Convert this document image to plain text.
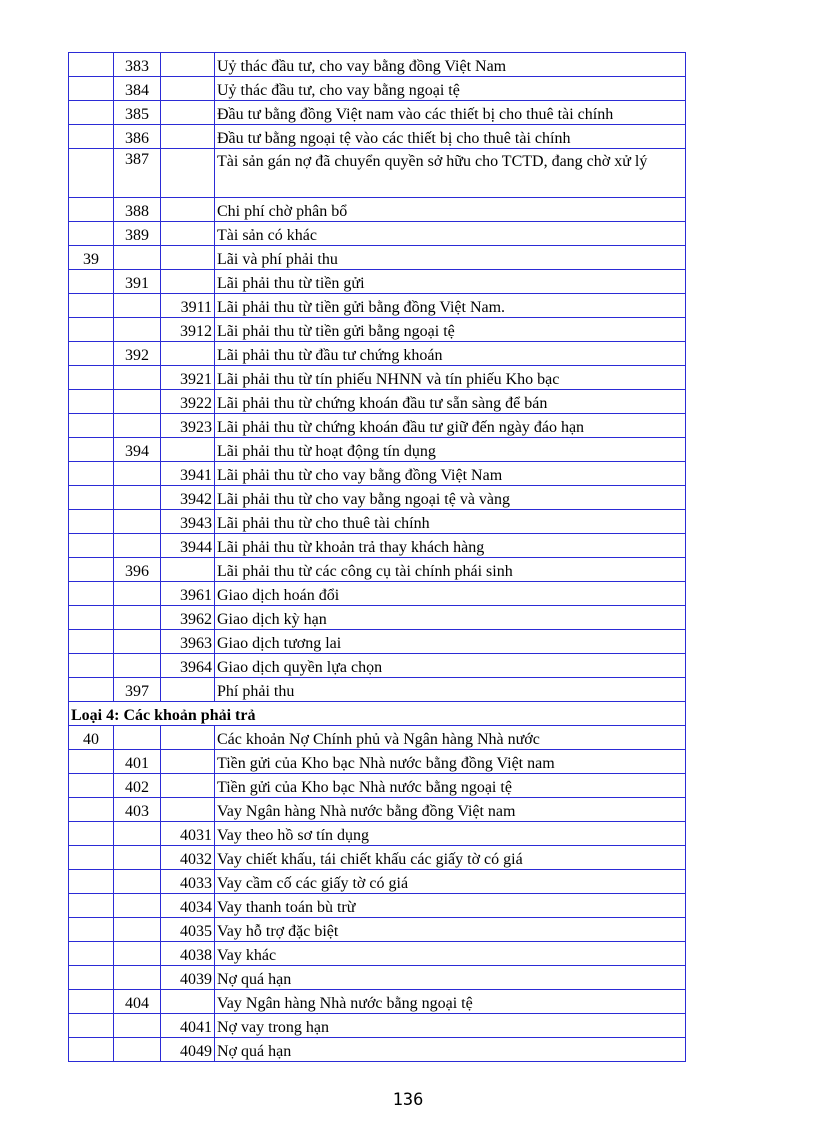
	383		Uỷ thác đầu tư, cho vay bằng đồng Việt Nam
	384		Uỷ thác đầu tư, cho vay bằng ngoại tệ
	385		Đầu tư bằng đồng Việt nam vào các thiết bị cho thuê tài chính
	386		Đầu tư bằng ngoại tệ vào các thiết bị cho thuê tài chính
	387		Tài sản gán nợ đã chuyển quyền sở hữu cho TCTD, đang chờ xử lý
	388		Chi phí chờ phân bổ
	389		Tài sản có khác
39			Lãi và phí phải thu
	391		Lãi phải thu từ tiền gửi
		3911	Lãi phải thu từ tiền gửi bằng đồng Việt Nam.
		3912	Lãi phải thu từ tiền gửi bằng ngoại tệ
	392		Lãi phải thu từ đầu tư chứng khoán
		3921	Lãi phải thu từ tín phiếu NHNN và tín phiếu Kho bạc
		3922	Lãi phải thu từ chứng khoán đầu tư sẵn sàng để bán
		3923	Lãi phải thu từ chứng khoán đầu tư giữ đến ngày đáo hạn
	394		Lãi phải thu từ hoạt động tín dụng
		3941	Lãi phải thu từ cho vay bằng đồng Việt Nam
		3942	Lãi phải thu từ cho vay bằng ngoại tệ và vàng
		3943	Lãi phải thu từ cho thuê tài chính
		3944	Lãi phải thu từ khoản trả thay khách hàng
	396		Lãi phải thu từ các công cụ tài chính phái sinh
		3961	Giao dịch hoán đổi
		3962	Giao dịch kỳ hạn
		3963	Giao dịch tương lai
		3964	Giao dịch quyền lựa chọn
	397		Phí phải thu
Loại 4: Các khoản phải trả			
40			Các khoản Nợ Chính phủ và Ngân hàng Nhà nước
	401		Tiền gửi của Kho bạc Nhà nước bằng đồng Việt nam
	402		Tiền gửi của Kho bạc Nhà nước bằng ngoại tệ
	403		Vay Ngân hàng Nhà nước bằng đồng Việt nam
		4031	Vay theo hồ sơ tín dụng
		4032	Vay chiết khấu, tái chiết khấu các giấy tờ có giá
		4033	Vay cầm cố các giấy tờ có giá
		4034	Vay thanh toán bù trừ
		4035	Vay hỗ trợ đặc biệt
		4038	Vay khác
		4039	Nợ quá hạn
	404		Vay Ngân hàng Nhà nước bằng ngoại tệ
		4041	Nợ vay trong hạn
		4049	Nợ quá hạn
136
